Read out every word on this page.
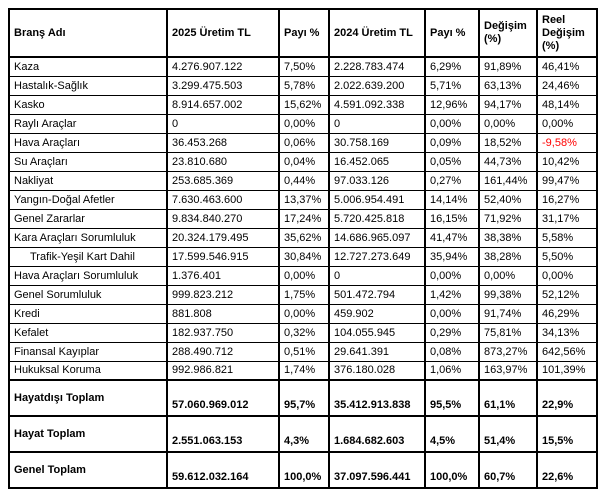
Branş Adı	2025 Üretim TL	Payı %	2024 Üretim TL	Payı %	Değişim (%)	Reel Değişim (%)
Kaza	4.276.907.122	7,50%	2.228.783.474	6,29%	91,89%	46,41%
Hastalık-Sağlık	3.299.475.503	5,78%	2.022.639.200	5,71%	63,13%	24,46%
Kasko	8.914.657.002	15,62%	4.591.092.338	12,96%	94,17%	48,14%
Raylı Araçlar	0	0,00%	0	0,00%	0,00%	0,00%
Hava Araçları	36.453.268	0,06%	30.758.169	0,09%	18,52%	-9,58%
Su Araçları	23.810.680	0,04%	16.452.065	0,05%	44,73%	10,42%
Nakliyat	253.685.369	0,44%	97.033.126	0,27%	161,44%	99,47%
Yangın-Doğal Afetler	7.630.463.600	13,37%	5.006.954.491	14,14%	52,40%	16,27%
Genel Zararlar	9.834.840.270	17,24%	5.720.425.818	16,15%	71,92%	31,17%
Kara Araçları Sorumluluk	20.324.179.495	35,62%	14.686.965.097	41,47%	38,38%	5,58%
Trafik-Yeşil Kart Dahil	17.599.546.915	30,84%	12.727.273.649	35,94%	38,28%	5,50%
Hava Araçları Sorumluluk	1.376.401	0,00%	0	0,00%	0,00%	0,00%
Genel Sorumluluk	999.823.212	1,75%	501.472.794	1,42%	99,38%	52,12%
Kredi	881.808	0,00%	459.902	0,00%	91,74%	46,29%
Kefalet	182.937.750	0,32%	104.055.945	0,29%	75,81%	34,13%
Finansal Kayıplar	288.490.712	0,51%	29.641.391	0,08%	873,27%	642,56%
Hukuksal Koruma	992.986.821	1,74%	376.180.028	1,06%	163,97%	101,39%
Hayatdışı Toplam	57.060.969.012	95,7%	35.412.913.838	95,5%	61,1%	22,9%
Hayat Toplam	2.551.063.153	4,3%	1.684.682.603	4,5%	51,4%	15,5%
Genel Toplam	59.612.032.164	100,0%	37.097.596.441	100,0%	60,7%	22,6%
